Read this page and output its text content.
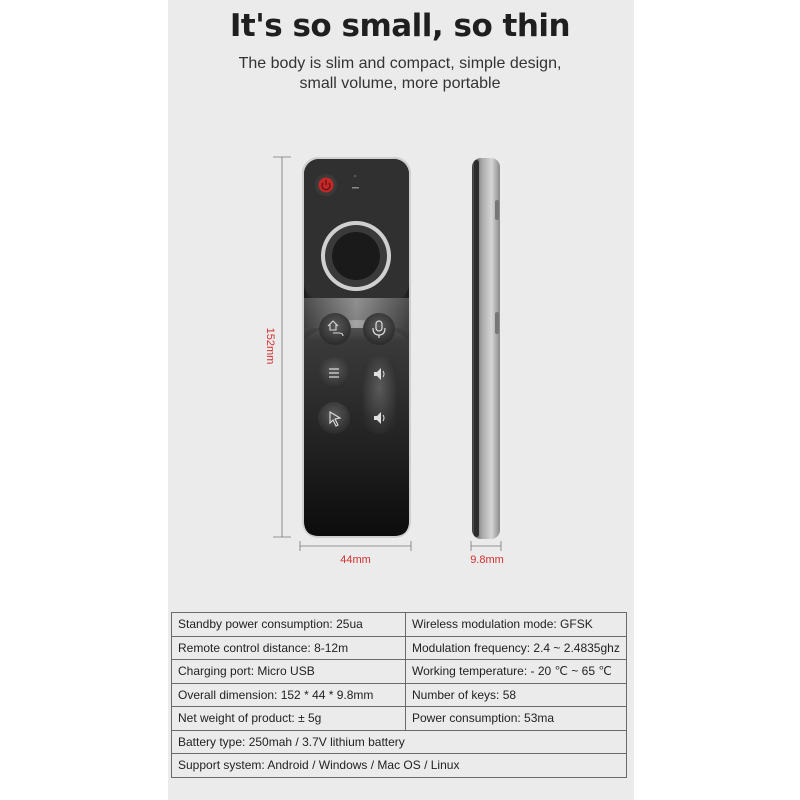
It's so small, so thin
The body is slim and compact, simple design,
small volume, more portable
152mm
44mm	9.8mm
Standby power consumption: 25ua	Wireless modulation mode: GFSK
Remote control distance: 8-12m	Modulation frequency: 2.4 ~ 2.4835ghz
Charging port: Micro USB	Working temperature: - 20 ℃ ~ 65 ℃
Overall dimension: 152 * 44 * 9.8mm	Number of keys: 58
Net weight of product: ± 5g	Power consumption: 53ma
Battery type: 250mah / 3.7V lithium battery	
Support system: Android / Windows / Mac OS / Linux	
